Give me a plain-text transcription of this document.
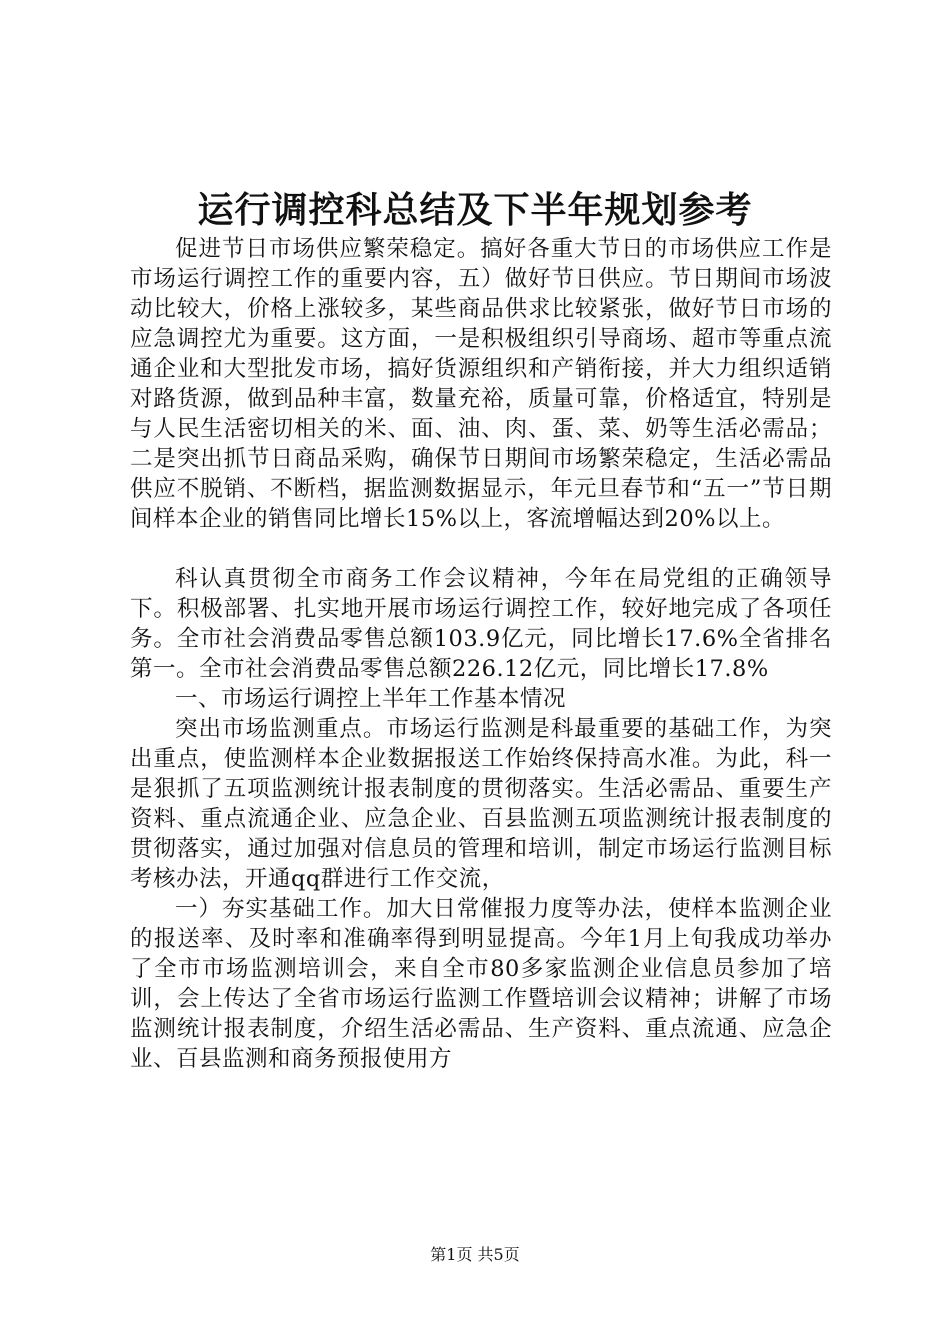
运行调控科总结及下半年规划参考

促进节日市场供应繁荣稳定。搞好各重大节日的市场供应工作是市场运行调控工作的重要内容，五）做好节日供应。节日期间市场波动比较大，价格上涨较多，某些商品供求比较紧张，做好节日市场的应急调控尤为重要。这方面，一是积极组织引导商场、超市等重点流通企业和大型批发市场，搞好货源组织和产销衔接，并大力组织适销对路货源，做到品种丰富，数量充裕，质量可靠，价格适宜，特别是与人民生活密切相关的米、面、油、肉、蛋、菜、奶等生活必需品；二是突出抓节日商品采购，确保节日期间市场繁荣稳定，生活必需品供应不脱销、不断档，据监测数据显示，年元旦春节和“五一”节日期间样本企业的销售同比增长15%以上，客流增幅达到20%以上。

科认真贯彻全市商务工作会议精神，今年在局党组的正确领导下。积极部署、扎实地开展市场运行调控工作，较好地完成了各项任务。全市社会消费品零售总额103.9亿元，同比增长17.6%全省排名第一。全市社会消费品零售总额226.12亿元，同比增长17.8%

一、市场运行调控上半年工作基本情况

突出市场监测重点。市场运行监测是科最重要的基础工作，为突出重点，使监测样本企业数据报送工作始终保持高水准。为此，科一是狠抓了五项监测统计报表制度的贯彻落实。生活必需品、重要生产资料、重点流通企业、应急企业、百县监测五项监测统计报表制度的贯彻落实，通过加强对信息员的管理和培训，制定市场运行监测目标考核办法，开通qq群进行工作交流，

一）夯实基础工作。加大日常催报力度等办法，使样本监测企业的报送率、及时率和准确率得到明显提高。今年1月上旬我成功举办了全市市场监测培训会，来自全市80多家监测企业信息员参加了培训，会上传达了全省市场运行监测工作暨培训会议精神；讲解了市场监测统计报表制度，介绍生活必需品、生产资料、重点流通、应急企业、百县监测和商务预报使用方

第1页 共5页
